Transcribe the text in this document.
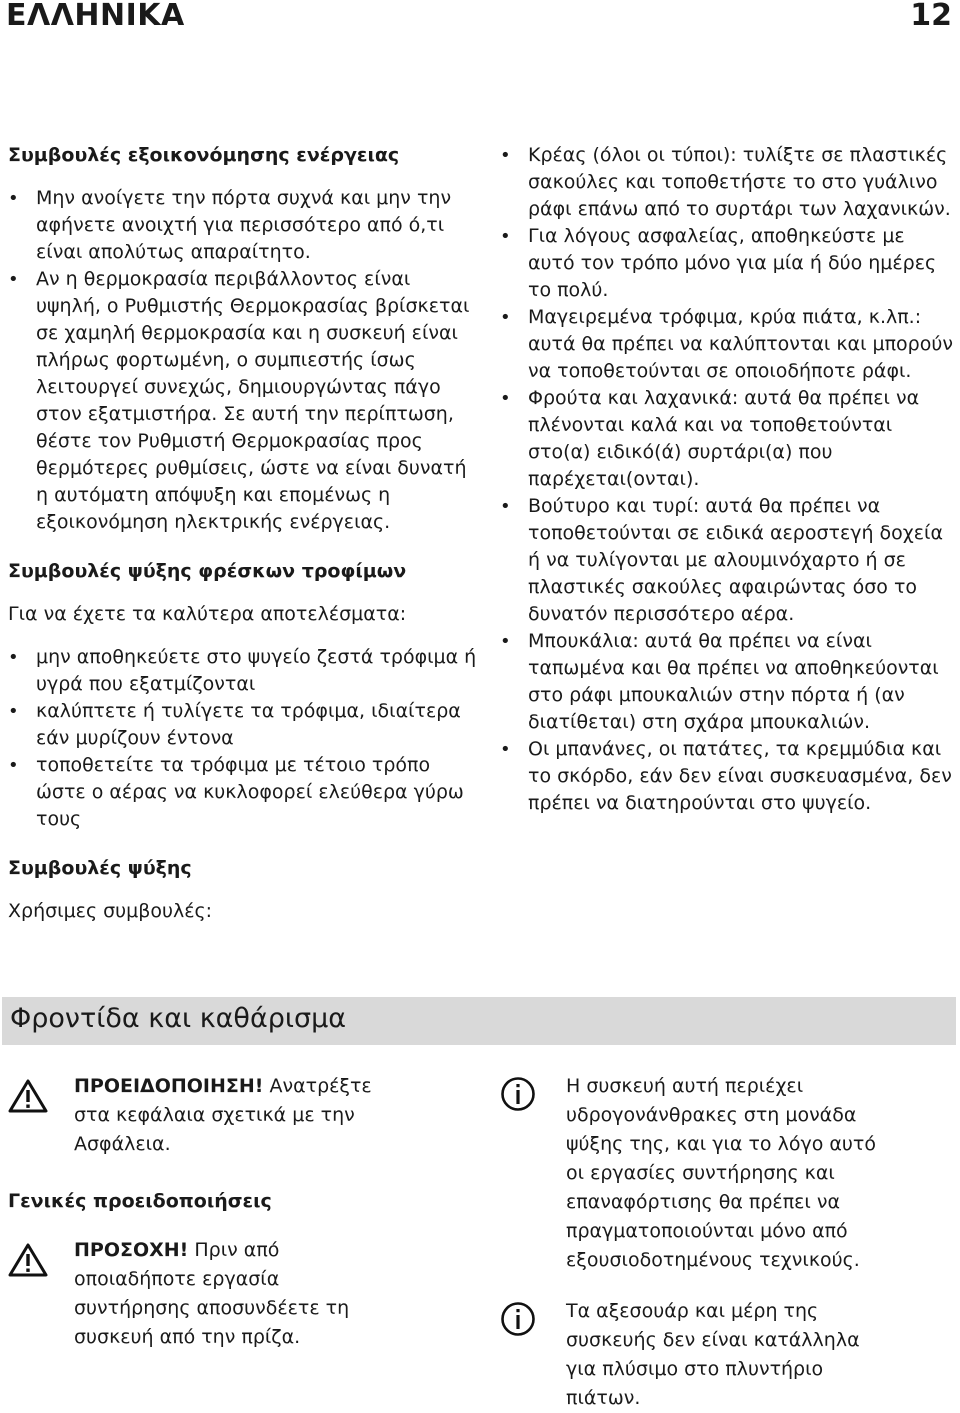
ΕΛΛΗΝΙΚΑ	12
Συμβουλές εξοικονόμησης ενέργειας
• Μην ανοίγετε την πόρτα συχνά και μην την αφήνετε ανοιχτή για περισσότερο από ό,τι είναι απολύτως απαραίτητο.
• Αν η θερμοκρασία περιβάλλοντος είναι υψηλή, ο Ρυθμιστής Θερμοκρασίας βρίσκεται σε χαμηλή θερμοκρασία και η συσκευή είναι πλήρως φορτωμένη, ο συμπιεστής ίσως λειτουργεί συνεχώς, δημιουργώντας πάγο στον εξατμιστήρα. Σε αυτή την περίπτωση, θέστε τον Ρυθμιστή Θερμοκρασίας προς θερμότερες ρυθμίσεις, ώστε να είναι δυνατή η αυτόματη απόψυξη και επομένως η εξοικονόμηση ηλεκτρικής ενέργειας.
Συμβουλές ψύξης φρέσκων τροφίμων

Για να έχετε τα καλύτερα αποτελέσματα:

• μην αποθηκεύετε στο ψυγείο ζεστά τρόφιμα ή υγρά που εξατμίζονται
• καλύπτετε ή τυλίγετε τα τρόφιμα, ιδιαίτερα εάν μυρίζουν έντονα
• τοποθετείτε τα τρόφιμα με τέτοιο τρόπο ώστε ο αέρας να κυκλοφορεί ελεύθερα γύρω τους
Συμβουλές ψύξης

Χρήσιμες συμβουλές:

• Κρέας (όλοι οι τύποι): τυλίξτε σε πλαστικές σακούλες και τοποθετήστε το στο γυάλινο ράφι επάνω από το συρτάρι των λαχανικών.
• Για λόγους ασφαλείας, αποθηκεύστε με αυτό τον τρόπο μόνο για μία ή δύο ημέρες το πολύ.
• Μαγειρεμένα τρόφιμα, κρύα πιάτα, κ.λπ.: αυτά θα πρέπει να καλύπτονται και μπορούν να τοποθετούνται σε οποιοδήποτε ράφι.
• Φρούτα και λαχανικά: αυτά θα πρέπει να πλένονται καλά και να τοποθετούνται στο(α) ειδικό(ά) συρτάρι(α) που παρέχεται(ονται).
• Βούτυρο και τυρί: αυτά θα πρέπει να τοποθετούνται σε ειδικά αεροστεγή δοχεία ή να τυλίγονται με αλουμινόχαρτο ή σε πλαστικές σακούλες αφαιρώντας όσο το δυνατόν περισσότερο αέρα.
• Μπουκάλια: αυτά θα πρέπει να είναι ταπωμένα και θα πρέπει να αποθηκεύονται στο ράφι μπουκαλιών στην πόρτα ή (αν διατίθεται) στη σχάρα μπουκαλιών.
• Οι μπανάνες, οι πατάτες, τα κρεμμύδια και το σκόρδο, εάν δεν είναι συσκευασμένα, δεν πρέπει να διατηρούνται στο ψυγείο.
Φροντίδα και καθάρισμα
ΠΡΟΕΙΔΟΠΟΙΗΣΗ! Ανατρέξτε
στα κεφάλαια σχετικά με την
Ασφάλεια.
Γενικές προειδοποιήσεις
ΠΡΟΣΟΧΗ! Πριν από
οποιαδήποτε εργασία
συντήρησης αποσυνδέετε τη
συσκευή από την πρίζα.
Η συσκευή αυτή περιέχει
υδρογονάνθρακες στη μονάδα
ψύξης της, και για το λόγο αυτό
οι εργασίες συντήρησης και
επαναφόρτισης θα πρέπει να
πραγματοποιούνται μόνο από
εξουσιοδοτημένους τεχνικούς.
Τα αξεσουάρ και μέρη της
συσκευής δεν είναι κατάλληλα
για πλύσιμο στο πλυντήριο
πιάτων.
